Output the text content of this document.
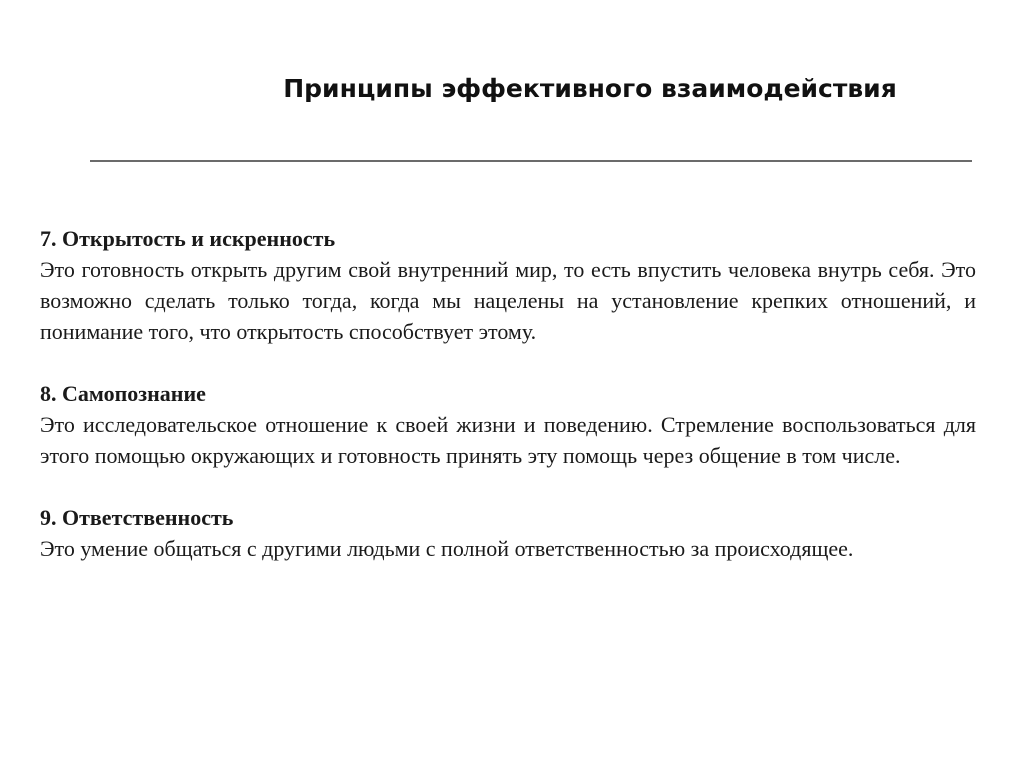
Принципы эффективного взаимодействия

7. Открытость и искренность

Это готовность открыть другим свой внутренний мир, то есть впустить человека внутрь себя. Это возможно сделать только тогда, когда мы нацелены на установление крепких отношений, и понимание того, что открытость способствует этому.

8. Самопознание

Это исследовательское отношение к своей жизни и поведению. Стремление воспользоваться для этого помощью окружающих и готовность принять эту помощь через общение в том числе.

9. Ответственность

Это умение общаться с другими людьми с полной ответственностью за происходящее.
